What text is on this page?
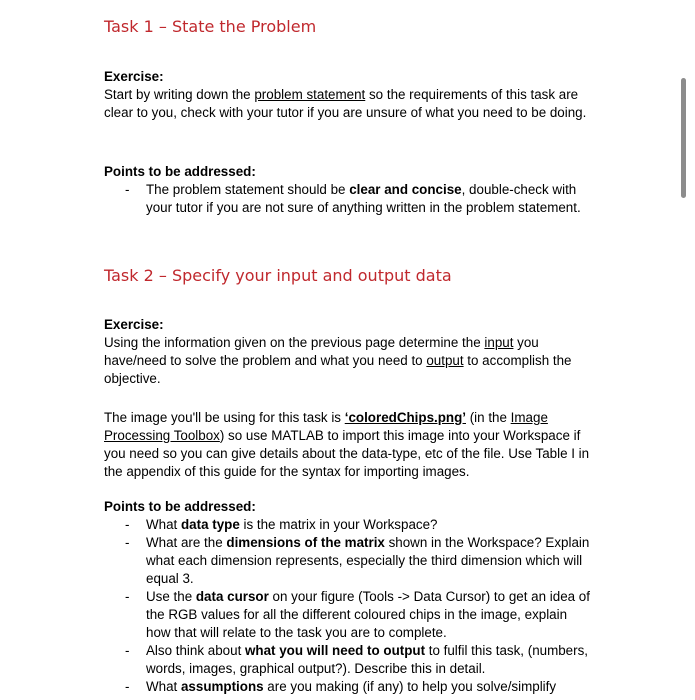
Task 1 – State the Problem

Exercise:

Start by writing down the problem statement so the requirements of this task are clear to you, check with your tutor if you are unsure of what you need to be doing.

Points to be addressed:

- The problem statement should be clear and concise, double-check with your tutor if you are not sure of anything written in the problem statement.
Task 2 – Specify your input and output data

Exercise:

Using the information given on the previous page determine the input you have/need to solve the problem and what you need to output to accomplish the objective.

The image you'll be using for this task is ‘coloredChips.png’ (in the Image Processing Toolbox) so use MATLAB to import this image into your Workspace if you need so you can give details about the data-type, etc of the file. Use Table I in the appendix of this guide for the syntax for importing images.

Points to be addressed:

- What data type is the matrix in your Workspace?
- What are the dimensions of the matrix shown in the Workspace? Explain what each dimension represents, especially the third dimension which will equal 3.
- Use the data cursor on your figure (Tools -> Data Cursor) to get an idea of the RGB values for all the different coloured chips in the image, explain how that will relate to the task you are to complete.
- Also think about what you will need to output to fulfil this task, (numbers, words, images, graphical output?). Describe this in detail.
- What assumptions are you making (if any) to help you solve/simplify
